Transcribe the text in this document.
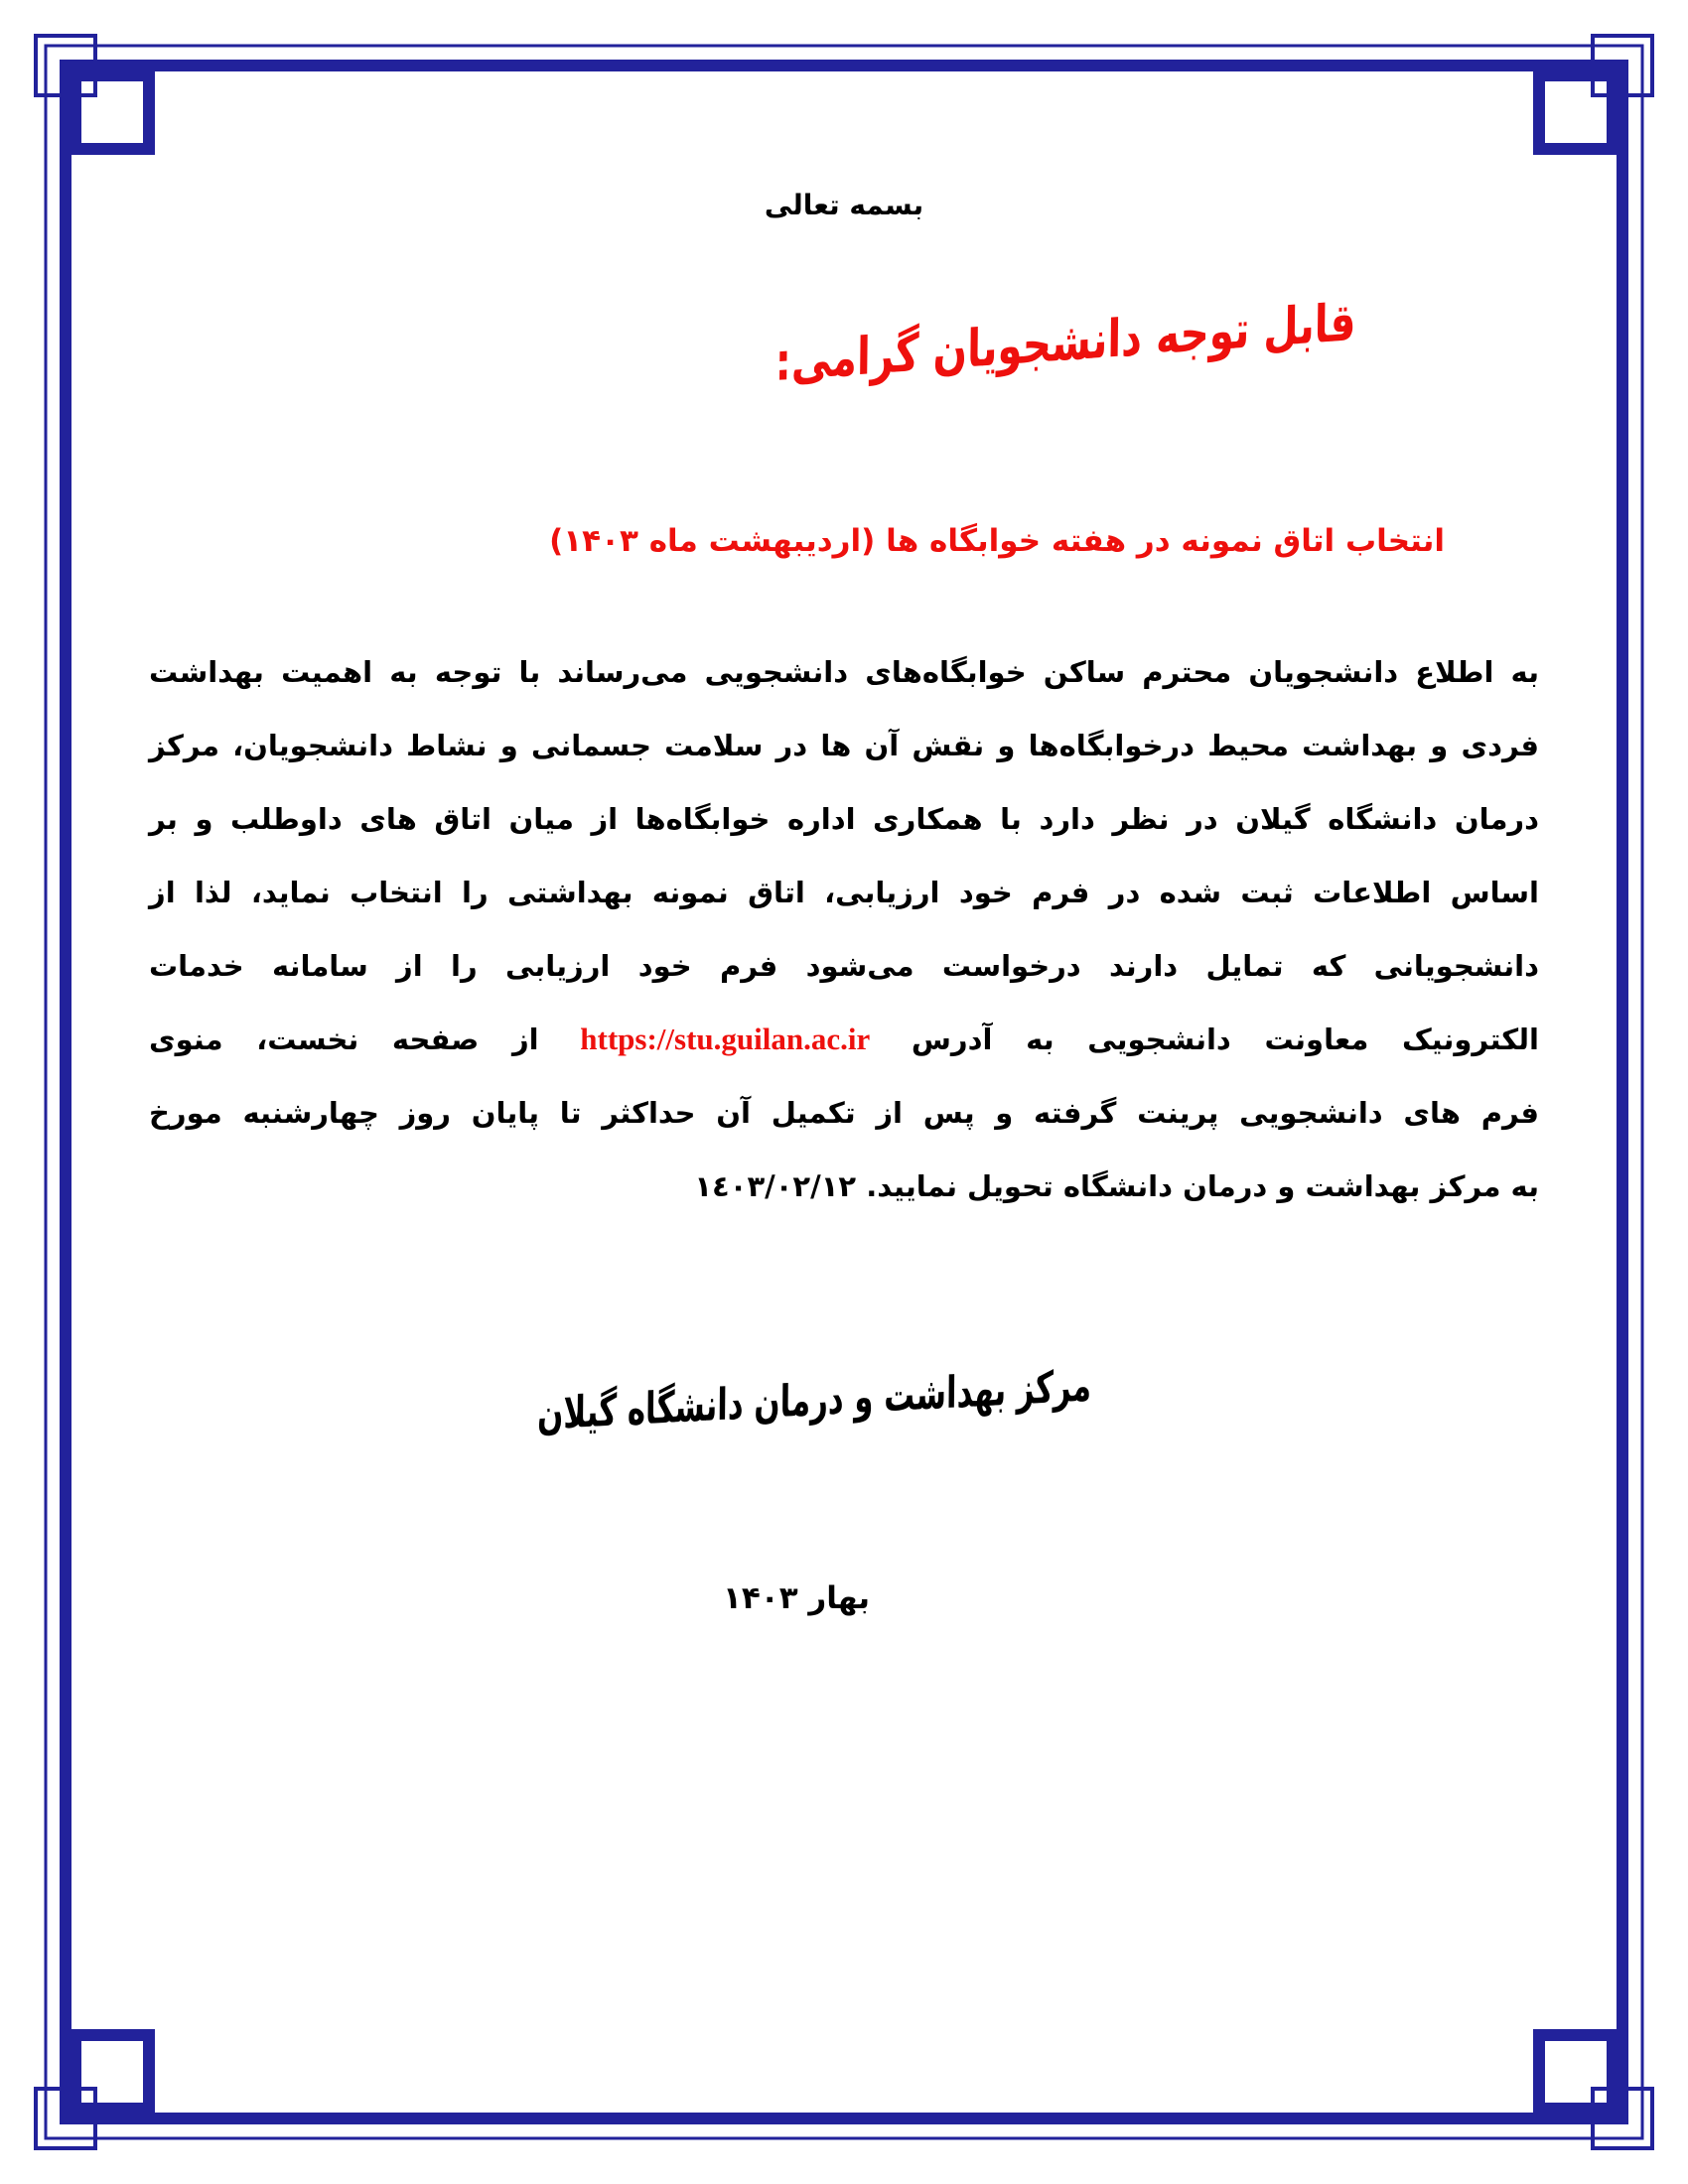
بسمه تعالی
قابل توجه دانشجویان گرامی:
انتخاب اتاق نمونه در هفته خوابگاه ها (اردیبهشت ماه ۱۴۰۳)
به اطلاع دانشجویان محترم ساکن خوابگاه‌های دانشجویی می‌رساند با توجه به اهمیت بهداشت
فردی و بهداشت محیط درخوابگاه‌ها و نقش آن ها در سلامت جسمانی و نشاط دانشجویان، مرکز
درمان دانشگاه گیلان در نظر دارد با همکاری اداره خوابگاه‌ها از میان اتاق های داوطلب و بر
اساس اطلاعات ثبت شده در فرم خود ارزیابی، اتاق نمونه بهداشتی را انتخاب نماید، لذا از
دانشجویانی که تمایل دارند درخواست می‌شود فرم خود ارزیابی را از سامانه خدمات
الکترونیک معاونت دانشجویی به آدرس https://stu.guilan.ac.ir از صفحه نخست، منوی
فرم های دانشجویی پرینت گرفته و پس از تکمیل آن حداکثر تا پایان روز چهارشنبه مورخ
به مرکز بهداشت و درمان دانشگاه تحویل نمایید. ١٤٠٣/٠٢/١٢
مرکز بهداشت و درمان دانشگاه گیلان
بهار ۱۴۰۳
